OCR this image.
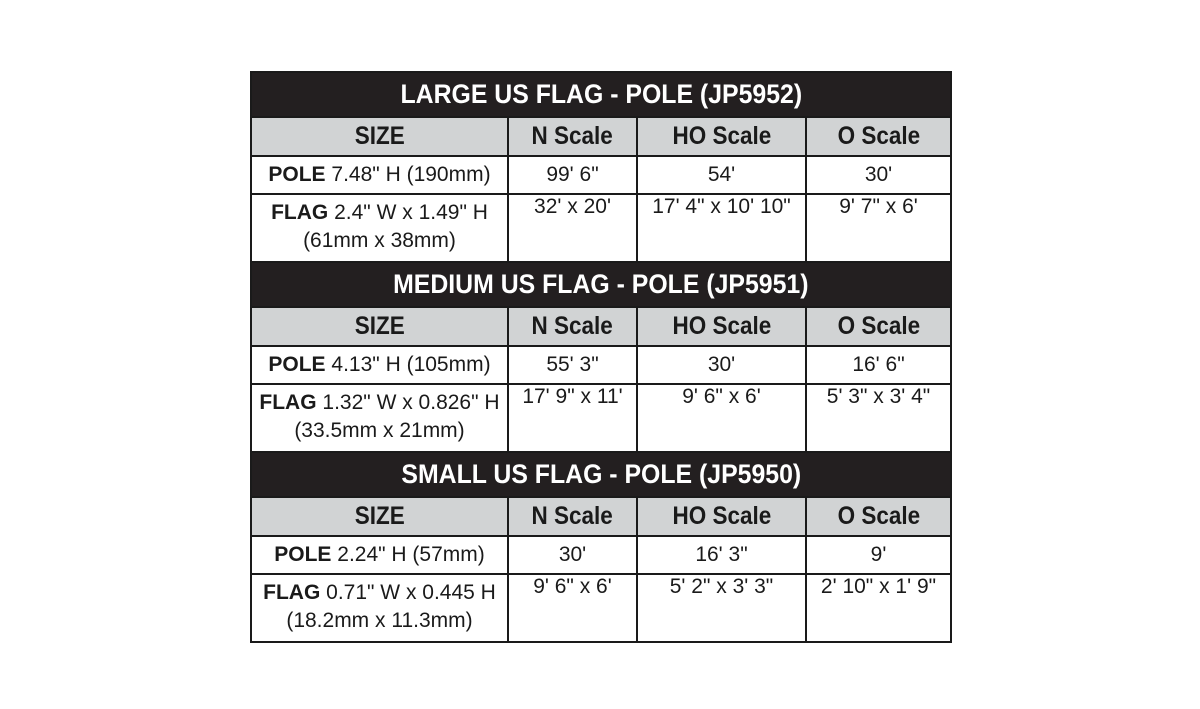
LARGE US FLAG - POLE (JP5952)			
SIZE	N Scale	HO Scale	O Scale
POLE 7.48" H (190mm)	99' 6"	54'	30'
FLAG 2.4" W x 1.49" H
(61mm x 38mm)	32' x 20'	17' 4" x 10' 10"	9' 7" x 6'
MEDIUM US FLAG - POLE (JP5951)			
SIZE	N Scale	HO Scale	O Scale
POLE 4.13" H (105mm)	55' 3"	30'	16' 6"
FLAG 1.32" W x 0.826" H
(33.5mm x 21mm)	17' 9" x 11'	9' 6" x 6'	5' 3" x 3' 4"
SMALL US FLAG - POLE (JP5950)			
SIZE	N Scale	HO Scale	O Scale
POLE 2.24" H (57mm)	30'	16' 3"	9'
FLAG 0.71" W x 0.445 H
(18.2mm x 11.3mm)	9' 6" x 6'	5' 2" x 3' 3"	2' 10" x 1' 9"
